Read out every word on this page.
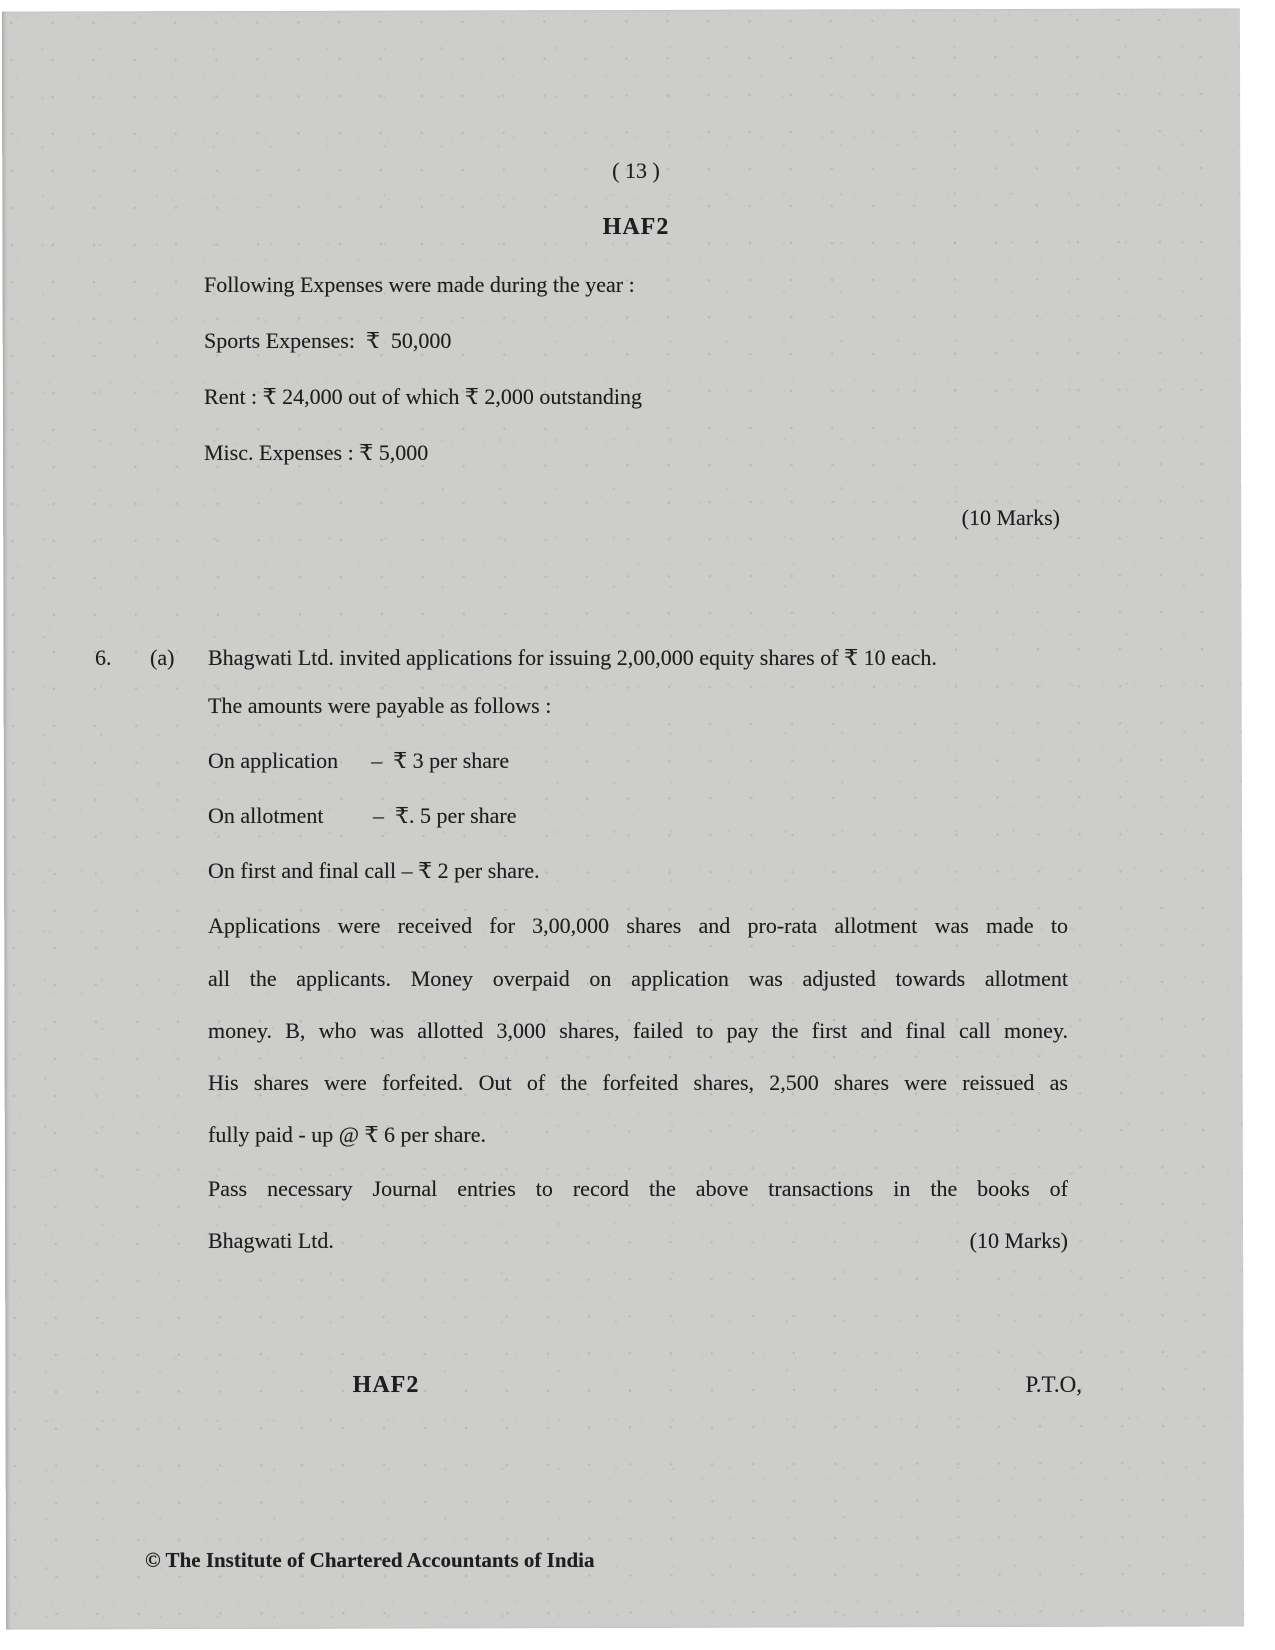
( 13 )
HAF2
Following Expenses were made during the year :
Sports Expenses:  ₹  50,000
Rent : ₹ 24,000 out of which ₹ 2,000 outstanding
Misc. Expenses : ₹ 5,000
(10 Marks)
6. (a) Bhagwati Ltd. invited applications for issuing 2,00,000 equity shares of ₹ 10 each.
The amounts were payable as follows :
On application      –  ₹ 3 per share
On allotment         –  ₹. 5 per share
On first and final call – ₹ 2 per share.
Applications were received for 3,00,000 shares and pro-rata allotment was made to
all the applicants. Money overpaid on application was adjusted towards allotment
money. B, who was allotted 3,000 shares, failed to pay the first and final call money.
His shares were forfeited. Out of the forfeited shares, 2,500 shares were reissued as
fully paid - up @ ₹ 6 per share.
Pass necessary Journal entries to record the above transactions in the books of
Bhagwati Ltd.	(10 Marks)
HAF2	P.T.O,
© The Institute of Chartered Accountants of India
